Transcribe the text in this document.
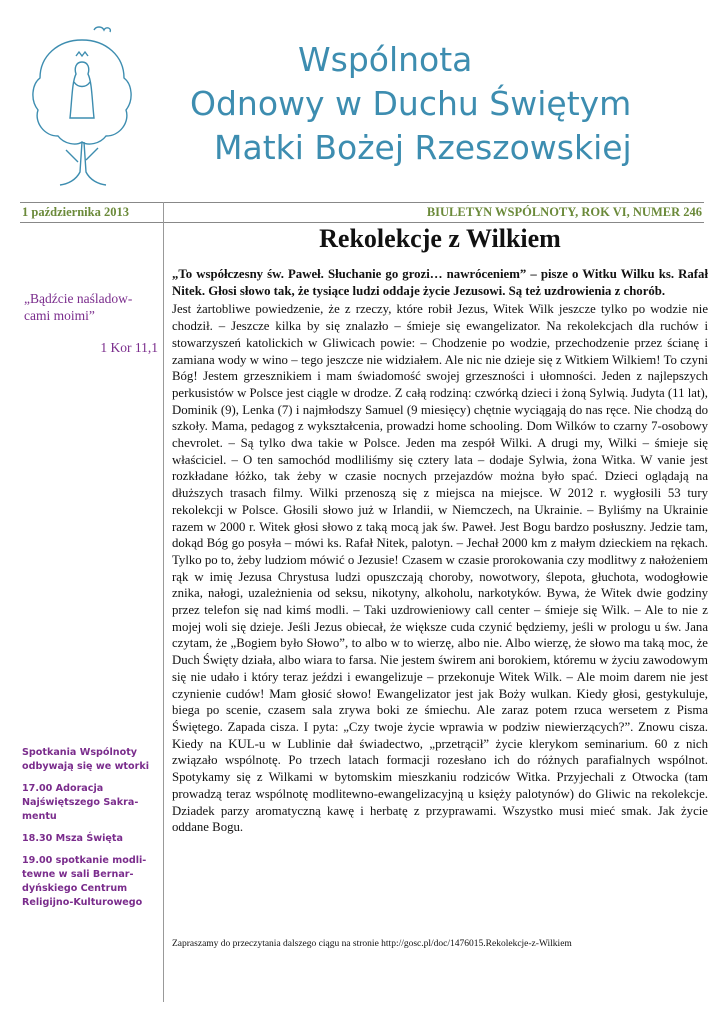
Wspólnota
Odnowy w Duchu Świętym
Matki Bożej Rzeszowskiej
1 października 2013	BIULETYN WSPÓLNOTY, ROK VI, NUMER 246
„Bądźcie naśladow-cami moimi”
1 Kor 11,1

Spotkania Wspólnoty odbywają się we wtorki

17.00 Adoracja Najświętszego Sakra-mentu

18.30 Msza Święta

19.00 spotkanie modli-tewne w sali Bernar-dyńskiego Centrum Religijno-Kulturowego

Rekolekcje z Wilkiem

„To współczesny św. Paweł. Słuchanie go grozi… nawróceniem” – pisze o Witku Wilku ks. Rafał Nitek. Głosi słowo tak, że tysiące ludzi oddaje życie Jezusowi. Są też uzdrowienia z chorób.

Jest żartobliwe powiedzenie, że z rzeczy, które robił Jezus, Witek Wilk jeszcze tylko po wodzie nie chodził. – Jeszcze kilka by się znalazło – śmieje się ewangelizator. Na rekolekcjach dla ruchów i stowarzyszeń katolickich w Gliwicach powie: – Chodzenie po wodzie, przechodzenie przez ścianę i zamiana wody w wino – tego jeszcze nie widziałem. Ale nic nie dzieje się z Witkiem Wilkiem! To czyni Bóg! Jestem grzesznikiem i mam świadomość swojej grzeszności i ułomności. Jeden z najlepszych perkusistów w Polsce jest ciągle w drodze. Z całą rodziną: czwórką dzieci i żoną Sylwią. Judyta (11 lat), Dominik (9), Lenka (7) i najmłodszy Samuel (9 miesięcy) chętnie wyciągają do nas ręce. Nie chodzą do szkoły. Mama, pedagog z wykształcenia, prowadzi home schooling. Dom Wilków to czarny 7-osobowy chevrolet. – Są tylko dwa takie w Polsce. Jeden ma zespół Wilki. A drugi my, Wilki – śmieje się właściciel. – O ten samochód modliliśmy się cztery lata – dodaje Sylwia, żona Witka. W vanie jest rozkładane łóżko, tak żeby w czasie nocnych przejazdów można było spać. Dzieci oglądają na dłuższych trasach filmy. Wilki przenoszą się z miejsca na miejsce. W 2012 r. wygłosili 53 tury rekolekcji w Polsce. Głosili słowo już w Irlandii, w Niemczech, na Ukrainie. – Byliśmy na Ukrainie razem w 2000 r. Witek głosi słowo z taką mocą jak św. Paweł. Jest Bogu bardzo posłuszny. Jedzie tam, dokąd Bóg go posyła – mówi ks. Rafał Nitek, palotyn. – Jechał 2000 km z małym dzieckiem na rękach. Tylko po to, żeby ludziom mówić o Jezusie! Czasem w czasie prorokowania czy modlitwy z nałożeniem rąk w imię Jezusa Chrystusa ludzi opuszczają choroby, nowotwory, ślepota, głuchota, wodogłowie znika, nałogi, uzależnienia od seksu, nikotyny, alkoholu, narkotyków. Bywa, że Witek dwie godziny przez telefon się nad kimś modli. – Taki uzdrowieniowy call center – śmieje się Wilk. – Ale to nie z mojej woli się dzieje. Jeśli Jezus obiecał, że większe cuda czynić będziemy, jeśli w prologu u św. Jana czytam, że „Bogiem było Słowo”, to albo w to wierzę, albo nie. Albo wierzę, że słowo ma taką moc, że Duch Święty działa, albo wiara to farsa. Nie jestem świrem ani borokiem, któremu w życiu zawodowym się nie udało i który teraz jeździ i ewangelizuje – przekonuje Witek Wilk. – Ale moim darem nie jest czynienie cudów! Mam głosić słowo! Ewangelizator jest jak Boży wulkan. Kiedy głosi, gestykuluje, biega po scenie, czasem sala zrywa boki ze śmiechu. Ale zaraz potem rzuca wersetem z Pisma Świętego. Zapada cisza. I pyta: „Czy twoje życie wprawia w podziw niewierzących?”. Znowu cisza. Kiedy na KUL-u w Lublinie dał świadectwo, „przetrącił” życie klerykom seminarium. 60 z nich związało wspólnotę. Po trzech latach formacji rozesłano ich do różnych parafialnych wspólnot. Spotykamy się z Wilkami w bytomskim mieszkaniu rodziców Witka. Przyjechali z Otwocka (tam prowadzą teraz wspólnotę modlitewno-ewangelizacyjną u księży palotynów) do Gliwic na rekolekcje. Dziadek parzy aromatyczną kawę i herbatę z przyprawami. Wszystko musi mieć smak. Jak życie oddane Bogu.

Zapraszamy do przeczytania dalszego ciągu na stronie http://gosc.pl/doc/1476015.Rekolekcje-z-Wilkiem
